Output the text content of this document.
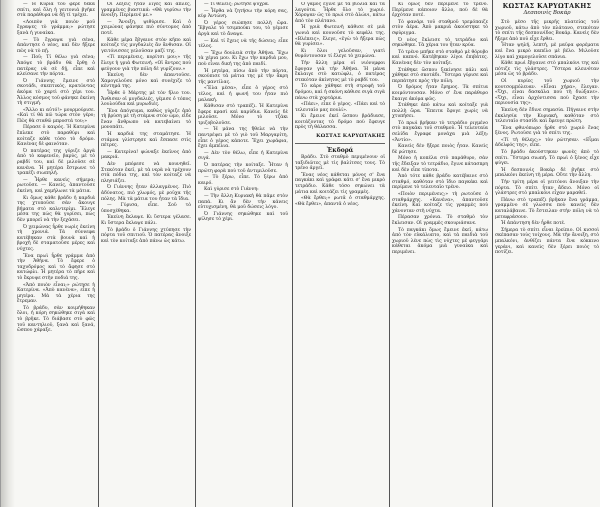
— Ἡ Κυρία τοῦ φέρε δέκα σπίτι, καὶ ὅλη ἡ γειτονιά βγῆκε στὰ παράθυρα νὰ δῇ τί τρέχει.

«Λοιπὸν γιὰ ποιὸν μοῦ ἔγραψες τὸ γράμμα;» ρώτησε ξανὰ ἡ γυναίκα.

— Τὸ ἔγραψα γιὰ σένα, ἀπάντησε ὁ νέος, καὶ δὲν ἤξερε πῶς νὰ τὸ πῇ.

— Ποῦ; Τί θέλω γιὰ σένα; Ἀπόψε τὸ βράδυ θὰ ἔρθῃ ὁ πατέρας νὰ σὲ δῇ, εἶπε καὶ κλείσανε τὴν πόρτα.

Ὁ Γιάννης ἔμεινε στὸ σκοτάδι, σκεπτικός, κρατῶντας ἀκόμα τὸ χαρτὶ στὸ χέρι του. Ἄλλος κόσμος τοῦ φάνηκε ἐκείνη τὴ στιγμή.

«Ἄλλο κι αὐτό!» μουρμούρισε. «Καὶ τί θὰ πῶ τώρα στὸν γέρο; Πῶς θὰ σταθῶ μπροστά του;»

Πέρασε ὁ καιρός. Ἡ Κατερίνα ἔπλεκε στὸ παραθύρι καὶ κοίταζε κάθε τόσο τὸ δρόμο. Κανένας δὲ φαινόταν.

Ὁ πατέρας της γύριζε ἀργὰ ἀπὸ τὸ καφενεῖο, βαρύς, μὲ τὸ ραβδί του, καὶ δὲ μιλοῦσε σὲ κανένα. Ἡ μητέρα ἔστρωνε τὸ τραπέζι σιωπηλή.

— Ἦρθε κανεὶς σήμερα; ρωτοῦσε. — Κανείς, ἀπαντοῦσε ἐκείνη, καὶ χαμήλωνε τὰ μάτια.

Κι ὅμως κάθε βράδυ ἡ καρδιά της χτυποῦσε σὰν ἄκουγε βήματα στὸ καλντερίμι. Ἔλεγε μέσα της πὼς θὰ γυρίσει, πὼς δὲν μπορεῖ νὰ τὴν ξεχάσει.

Ὁ χειμώνας ἦρθε νωρὶς ἐκείνη τὴ χρονιά. Τὰ σύννεφα κατέβηκαν στὰ βουνὰ καὶ ἡ βροχὴ δὲ σταματοῦσε μέρες καὶ νύχτες.

Ἕνα πρωὶ ἦρθε γράμμα ἀπὸ τὴν Ἀθήνα. Τὸ ἔφερε ὁ ταχυδρόμος καὶ τὸ ἄφησε στὸ κατώφλι. Ἡ μητέρα τὸ πῆρε καὶ τὸ ἔκρυψε στὴν ποδιά της.

«Ἀπὸ ποιὸν εἶναι;» ρώτησε ἡ Κατερίνα. «Ἀπὸ κανένα», εἶπε ἡ μητέρα. Μὰ τὰ χέρια της ἔτρεμαν.

Τὸ βράδυ, σὰν κοιμήθηκαν ὅλοι, ἡ κόρη σηκώθηκε σιγὰ καὶ τὸ βρῆκε. Τὸ διάβασε στὸ φῶς τοῦ καντηλιοῦ, ξανὰ καὶ ξανά, ὥσπου χάραξε.

Οἱ λέξεις ἦταν λίγες καὶ ἁπλές, γραμμένες βιαστικά: «Θὰ γυρίσω τὴν ἄνοιξη. Περίμενέ με.»

— Ἄνοιξη, ψιθύρισε. Καὶ ὁ χειμώνας φάνηκε πιὸ σύντομος ἀπὸ ποτέ.

Κάθε μέρα ἔβγαινε στὸν κῆπο καὶ κοίταζε τὶς μυγδαλιές ἂν ἄνθισαν. Οἱ γειτόνισσες γελοῦσαν μαζί της.

«Τί περιμένεις, κορίτσι μου;» τῆς ἔλεγε ἡ γριὰ Φωτεινή. «Οἱ ἄντρες ποὺ φεύγουν γιὰ τὴν πόλη δὲ γυρίζουν.»

Ἐκείνη δὲν ἀπαντοῦσε. Χαμογελοῦσε μόνο καὶ συνέχιζε τὸ κέντημά της.

Ἦρθε ὁ Μάρτης μὲ τὸν ἥλιο του. Ἄνθισαν οἱ μυγδαλιές, γέμισε ὁ τόπος λουλούδια καὶ μυρωδιές.

Ἕνα ἀπόγευμα, καθὼς γύριζε ἀπὸ τὴ βρύση μὲ τὴ στάμνα στὸν ὦμο, εἶδε ἕναν ἄνθρωπο νὰ κατεβαίνει τὸ μονοπάτι.

Ἡ καρδιά της σταμάτησε. Ἡ στάμνα γλίστρησε καὶ ἔσπασε στὶς πέτρες.

— Κατερίνα! φώναξε ἐκεῖνος ἀπὸ μακριά.

Δὲν μπόρεσε νὰ κουνηθεῖ. Στεκόταν ἐκεῖ, μὲ τὰ νερὰ νὰ τρέχουν στὰ πόδια της, καὶ τὸν κοίταζε νὰ πλησιάζει.

Ὁ Γιάννης ἦταν ἀλλαγμένος. Πιὸ ἀδύνατος, πιὸ χλωμός, μὲ ροῦχα τῆς πόλης. Μὰ τὰ μάτια του ἦταν τὰ ἴδια.

— Γύρισα, εἶπε. Σοῦ τὸ ὑποσχέθηκα.

Ἐκείνη ἔκλαψε. Κι ὕστερα γέλασε. Κι ὕστερα ἔκλαψε πάλι.

Τὸ βράδυ ὁ Γιάννης χτύπησε τὴν πόρτα τοῦ σπιτιοῦ. Ὁ πατέρας ἄνοιξε καὶ τὸν κοίταξε ἀπὸ πάνω ὡς κάτω.

— Τί θέλεις; ρώτησε ψυχρά.

— Ἦρθα νὰ ζητήσω τὴν κόρη σας, κὺρ Ἀντώνη.

Ὁ γέρος σιώπησε πολλὴ ὥρα. Ἔβγαλε τὸ τσιμπούκι του, τὸ γέμισε ἀργὰ καὶ τὸ ἄναψε.

— Καὶ τί ἔχεις νὰ τῆς δώσεις; εἶπε τέλος.

— Ἔχω δουλειὰ στὴν Ἀθήνα. Ἔχω τὰ χέρια μου. Κι ἔχω τὴν καρδιά μου, ποὺ εἶναι δική της ἀπὸ παιδί.

Ἡ μητέρα, πίσω ἀπὸ τὴν πόρτα, σκούπισε τὰ μάτια της μὲ τὴν ἄκρη τῆς μαντίλας.

«Ἔλα μέσα», εἶπε ὁ γέρος στὸ τέλος, καὶ ἡ φωνή του ἦταν πιὸ μαλακή.

Κάθισαν στὸ τραπέζι. Ἡ Κατερίνα ἔφερε κρασὶ καὶ καρύδια. Κανεὶς δὲ μιλοῦσε. Μόνο τὸ τζάκι τριζοβολοῦσε.

— Ἡ μάνα της ἤθελε νὰ τὴν παντρέψει μὲ τὸ γιὸ τοῦ Μαργαρίτη, εἶπε ὁ γέρος κάποτε. Ἔχει χωράφια, ἔχει ἀμπέλια.

— Δὲν τὸν θέλω, εἶπε ἡ Κατερίνα σιγά.

Ὁ πατέρας τὴν κοίταξε. Ἦταν ἡ πρώτη φορὰ ποὺ τοῦ ἀντιμιλοῦσε.

— Τὸ ξέρω, εἶπε. Τὸ ξέρω ἀπὸ καιρό.

Καὶ γύρισε στὸ Γιάννη:

— Τὴν ἄλλη Κυριακὴ θὰ πᾶμε στὸν παπά. Κι ἂν δὲν τὴν κάνεις εὐτυχισμένη, θὰ μοῦ δώσεις λόγο.

Ὁ Γιάννης σηκώθηκε καὶ τοῦ φίλησε τὸ χέρι.

Ὁ γάμος ἔγινε μὲ τὰ βιολιὰ καὶ τὰ λαγούτα. Ἦρθε ὅλο τὸ χωριό. Χόρεψαν ὡς τὸ πρωὶ στὸ ἁλώνι, κάτω ἀπὸ τὸν πλάτανο.

Ἡ γριὰ Φωτεινὴ κάθισε σὲ μιὰ γωνιὰ καὶ κουνοῦσε τὸ κεφάλι της. «Βλέπεις», ἔλεγε, «ἐγὼ τὸ ἤξερα πὼς θὰ γυρίσει».

Κι ὅλοι γελοῦσαν, γιατὶ θυμόντουσαν τί ἔλεγε τὸ χειμώνα.

Τὴν ἄλλη μέρα οἱ νιόνυμφοι ἔφυγαν γιὰ τὴν Ἀθήνα. Ἡ μάνα ἔκλαιγε στὸ κατώφλι, ὁ πατέρας στεκόταν ἀκίνητος μὲ τὸ ραβδί του.

Τὸ κάρο χάθηκε στὴ στροφὴ τοῦ δρόμου, καὶ ἡ σκόνη κάθισε σιγὰ σιγὰ πάνω στὰ χορτάρια.

«Πάει», εἶπε ὁ γέρος. «Πάει καὶ τὸ τελευταῖο μας πουλί».

Κι ἔμεινε ἐκεῖ ὥσπου βράδιασε, κοιτάζοντας τὸ δρόμο ποὺ ἔφευγε πρὸς τὴ θάλασσα.

ΚΩΣΤΑΣ ΚΑΡΥΩΤΑΚΗΣ
Ἐκδορά

Βράδυ. Στὸ σταθμὸ περιμένουν οἱ ταξιδιῶτες μὲ τὶς βαλίτσες τους. Τὸ τρένο ἀργεῖ.

Ἕνας νέος κάθεται μόνος σ' ἕνα παγκάκι καὶ γράφει κάτι σ' ἕνα μικρὸ τετράδιο. Κάθε τόσο σηκώνει τὰ μάτια καὶ κοιτάζει τὶς γραμμές.

«Θὰ ἔρθει;» ρωτᾶ ὁ σταθμάρχης. «Θὰ ἔρθει», ἀπαντᾶ ὁ νέος.

Κι ὅμως δὲν περίμενε τὸ τρένο. Περίμενε κάποιον ἄλλο, ποὺ δὲ θὰ ἐρχόταν ποτέ.

Τὸ φανάρι τοῦ σταθμοῦ τρεμόπαιζε στὸν ἀέρα. Ἀπὸ μακριὰ ἀκούστηκε τὸ σφύριγμα.

Ὁ νέος ἔκλεισε τὸ τετράδιο καὶ σηκώθηκε. Τὰ χέρια του ἦταν κρύα.

Τὸ τρένο μπῆκε στὸ σταθμὸ μὲ θόρυβο καὶ καπνό. Κατέβηκαν λίγοι ἐπιβάτες. Κανένας δὲν τὸν κοίταξε.

Στάθηκε ὥσπου ξεκίνησε πάλι καὶ χάθηκε στὸ σκοτάδι. Ὕστερα γύρισε καὶ περπάτησε πρὸς τὴν πόλη.

Ὁ δρόμος ἦταν ἔρημος. Τὰ σπίτια κοιμόντουσαν. Μόνο σ' ἕνα παράθυρο ἔκαιγε ἀκόμα φῶς.

Στάθηκε ἀπὸ κάτω καὶ κοίταξε γιὰ πολλὴ ὥρα. Ἔπειτα ἔφυγε χωρὶς νὰ χτυπήσει.

Τὸ πρωὶ βρῆκαν τὸ τετράδιο ριγμένο στὸ παγκάκι τοῦ σταθμοῦ. Ἡ τελευταία σελίδα ἔγραφε μονάχα μιὰ λέξη: «Ἀντίο».

Κανεὶς δὲν ἤξερε ποιὸς ἦταν. Κανεὶς δὲ ρώτησε.

Μόνο ἡ κοπέλα στὸ παράθυρο, σὰν τῆς ἔδειξαν τὸ τετράδιο, ἔγινε κάτασπρη καὶ δὲν εἶπε τίποτα.

Ἀπὸ τότε κάθε βράδυ κατέβαινε στὸ σταθμό, καθόταν στὸ ἴδιο παγκάκι καὶ περίμενε τὸ τελευταῖο τρένο.

«Ποιὸν περιμένεις;» τὴ ρωτοῦσε ὁ σταθμάρχης. «Κανένα», ἀπαντοῦσε ἐκείνη. Καὶ κοίταζε τὶς γραμμὲς ποὺ χάνονταν στὴ νύχτα.

Πέρασαν χρόνια. Τὸ σταθμὸ τὸν ἔκλεισαν. Οἱ γραμμὲς σκουριάσανε.

Τὸ παγκάκι ὅμως ἔμεινε ἐκεῖ, κάτω ἀπὸ τὸν εὐκάλυπτο, καὶ τὰ παιδιὰ τοῦ χωριοῦ λένε πὼς τὶς νύχτες μὲ φεγγάρι κάθεται ἀκόμα μιὰ γυναίκα καὶ περιμένει.

ΚΩΣΤΑΣ ΚΑΡΥΩΤΑΚΗΣ
Δεσποινὶς Βοκάρ

Στὸ μέσο τῆς μικρῆς πλατείας τοῦ χωριοῦ, κάτω ἀπὸ τὸν πλάτανο, στεκόταν τὸ σπίτι τῆς δεσποινίδος Βοκάρ. Κανεὶς δὲν ἤξερε ἀπὸ ποῦ εἶχε ἔρθει.

Ἦταν ψηλή, λεπτή, μὲ μαῦρα φορέματα καὶ ἕνα μικρὸ καπέλο μὲ βέλο. Μιλοῦσε λίγο καὶ χαμογελοῦσε σπάνια.

Κάθε πρωὶ ἔβγαινε στὸ μπαλκόνι της καὶ πότιζε τὶς γλάστρες. Ὕστερα κλεινόταν μέσα ὡς τὸ βράδυ.

Οἱ κυρίες τοῦ χωριοῦ τὴν κουτσομπόλευαν. «Εἶναι χήρα», ἔλεγαν. «Ὄχι, εἶναι δασκάλα ποὺ τὴ διώξανε». «Ὄχι, εἶναι ἀρχόντισσα ποὺ ἔχασε τὴν περιουσία της».

Ἐκείνη δὲν ἔδινε σημασία. Πήγαινε στὴν ἐκκλησία τὴν Κυριακή, καθόταν στὸ τελευταῖο στασίδι καὶ ἔφευγε πρώτη.

Ἕνα φθινόπωρο ἦρθε στὸ χωριὸ ἕνας ξένος. Ρωτοῦσε γιὰ τὸ σπίτι της.

«Τί τὴ θέλεις;» τὸν ρώτησαν. «Εἶμαι ἀδελφός της», εἶπε.

Τὸ βράδυ ἀκούστηκαν φωνὲς ἀπὸ τὸ σπίτι. Ὕστερα σιωπή. Τὸ πρωὶ ὁ ξένος εἶχε φύγει.

Ἡ δεσποινὶς Βοκὰρ δὲ βγῆκε στὸ μπαλκόνι ἐκείνη τὴ μέρα. Οὔτε τὴν ἄλλη.

Τὴν τρίτη μέρα οἱ γειτόνοι ἄνοιξαν τὴν πόρτα. Τὸ σπίτι ἦταν ἄδειο. Μόνο οἱ γλάστρες στὸ μπαλκόνι εἶχαν μαραθεῖ.

Πάνω στὸ τραπέζι βρῆκαν ἕνα γράμμα, γραμμένο σὲ γλώσσα ποὺ κανεὶς δὲν καταλάβαινε. Τὸ ἔστειλαν στὴν πόλη νὰ τὸ μεταφράσουν.

Ἡ ἀπάντηση δὲν ἦρθε ποτέ.

Σήμερα τὸ σπίτι εἶναι ἐρείπιο. Οἱ κισσοὶ σκέπασαν τοὺς τοίχους. Μὰ τὴν ἄνοιξη, στὸ μπαλκόνι, ἀνθίζει πάντα ἕνα κόκκινο γεράνι, καὶ κανεὶς δὲν ξέρει ποιὸς τὸ ποτίζει.
